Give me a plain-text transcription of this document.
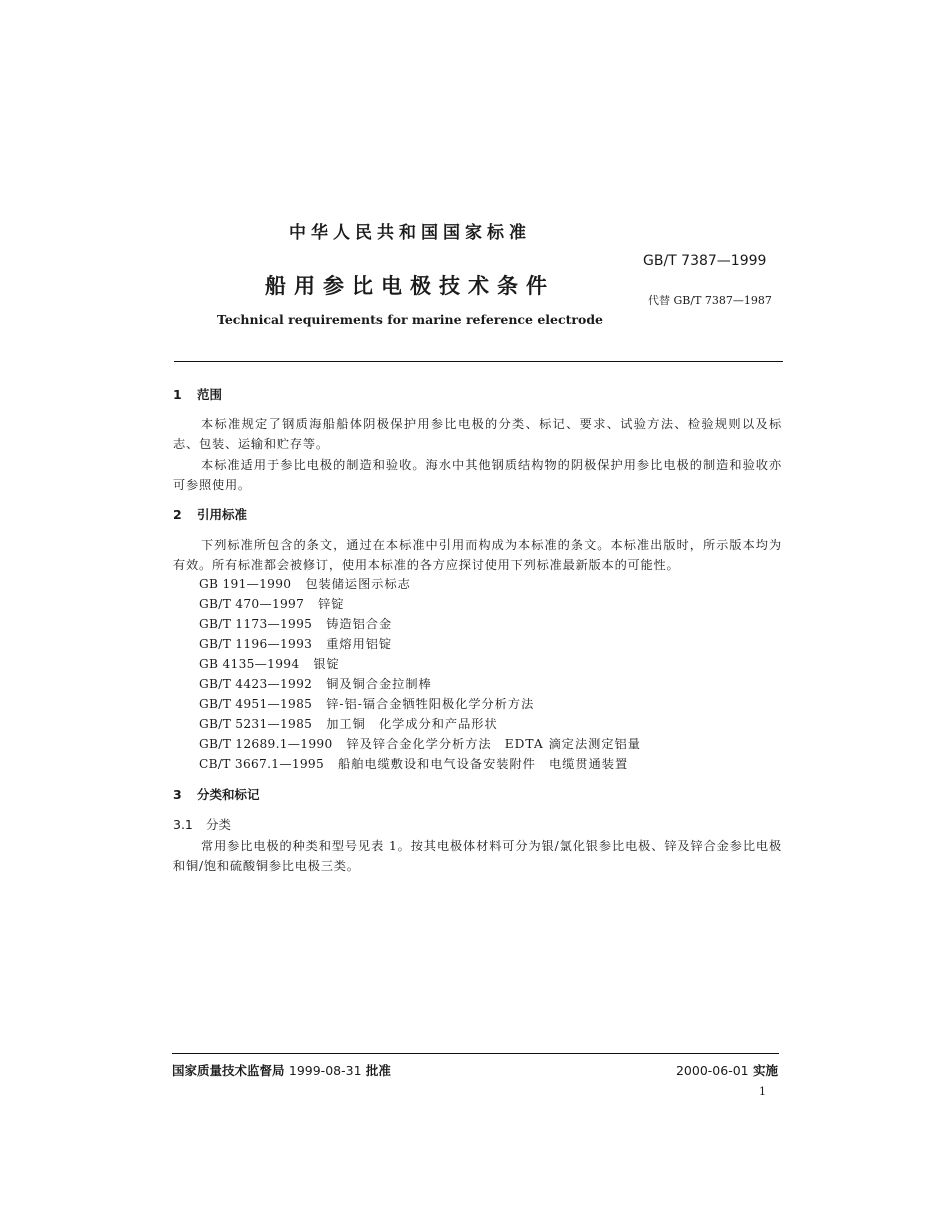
中华人民共和国国家标准
GB/T 7387—1999
船用参比电极技术条件
代替 GB/T 7387—1987
Technical requirements for marine reference electrode
1 范围
本标准规定了钢质海船船体阴极保护用参比电极的分类、标记、要求、试验方法、检验规则以及标志、包装、运输和贮存等。
本标准适用于参比电极的制造和验收。海水中其他钢质结构物的阴极保护用参比电极的制造和验收亦可参照使用。
2 引用标准
下列标准所包含的条文，通过在本标准中引用而构成为本标准的条文。本标准出版时，所示版本均为有效。所有标准都会被修订，使用本标准的各方应探讨使用下列标准最新版本的可能性。
GB 191—1990 包装储运图示标志
GB/T 470—1997 锌锭
GB/T 1173—1995 铸造铝合金
GB/T 1196—1993 重熔用铝锭
GB 4135—1994 银锭
GB/T 4423—1992 铜及铜合金拉制棒
GB/T 4951—1985 锌-铝-镉合金牺牲阳极化学分析方法
GB/T 5231—1985 加工铜　化学成分和产品形状
GB/T 12689.1—1990 锌及锌合金化学分析方法　EDTA 滴定法测定铝量
CB/T 3667.1—1995 船舶电缆敷设和电气设备安装附件　电缆贯通装置
3 分类和标记
3.1 分类
常用参比电极的种类和型号见表 1。按其电极体材料可分为银/氯化银参比电极、锌及锌合金参比电极和铜/饱和硫酸铜参比电极三类。
国家质量技术监督局 1999-08-31 批准	2000-06-01 实施
1
